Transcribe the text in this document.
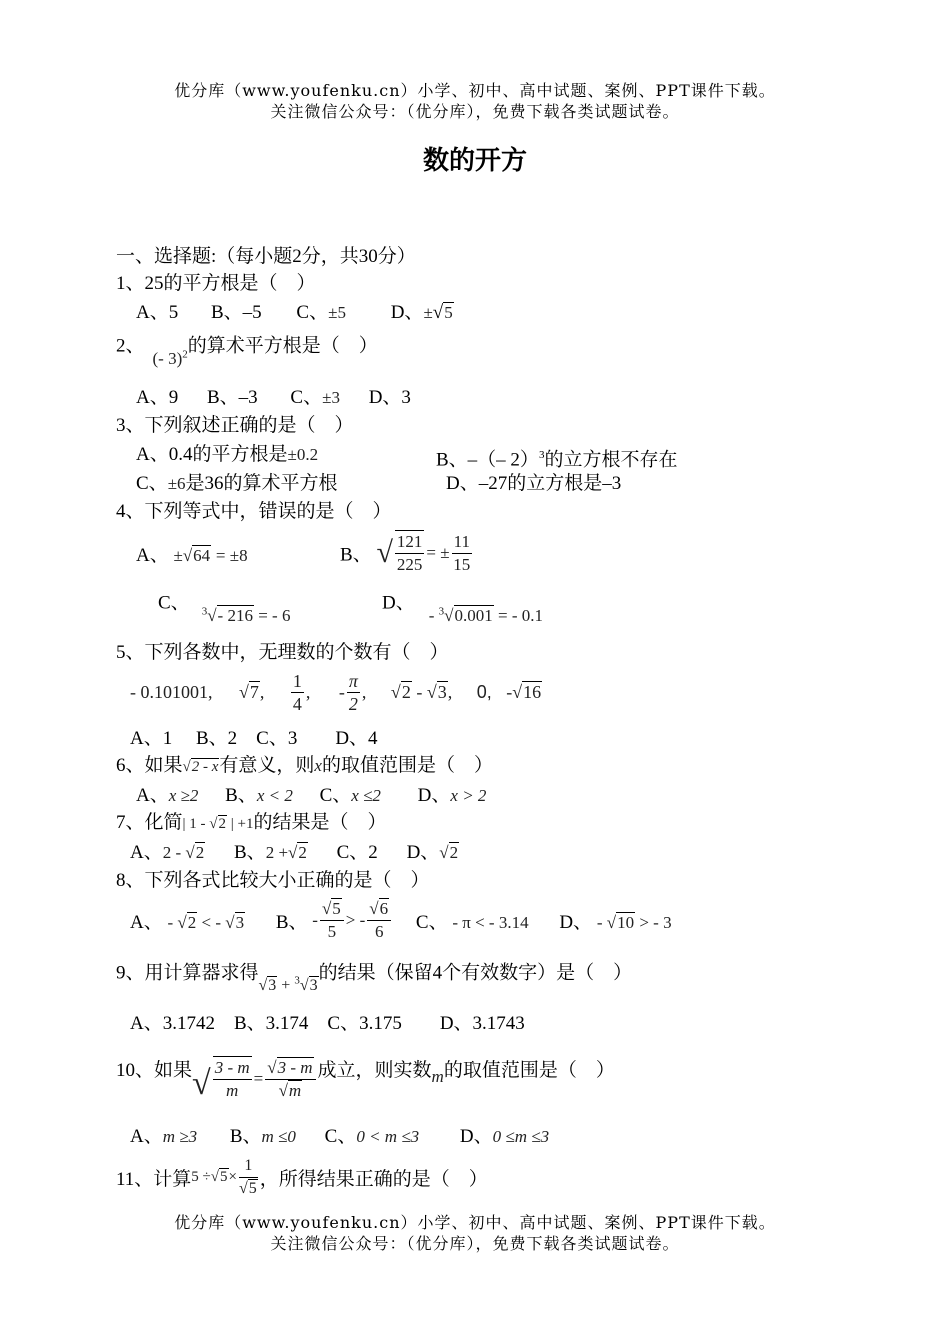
优分库（www.youfenku.cn）小学、初中、高中试题、案例、PPT课件下载。
关注微信公众号：（优分库），免费下载各类试题试卷。
数的开方
一、选择题:（每小题2分，共30分）
1、25的平方根是（　）
A、5 B、–5 C、±5 D、±√5
2、(- 3)$^2$的算术平方根是（　）
A、9 B、–3 C、±3 D、3
3、下列叙述正确的是（　）
A、0.4的平方根是±0.2	B、–（– 2）$^3$的立方根不存在
C、±6是36的算术平方根	D、–27的立方根是–3
4、下列等式中，错误的是（　）
A、 ±√64 = ±8	B、 √ $\frac{121}{225}$ = ± $\frac{11}{15}$
C、 $^3$√- 216 = - 6
D、- $^3$√0.001 = - 0.1
5、下列各数中，无理数的个数有（　）
- 0.101001, √7, $\frac{1}{4}$ , - $\frac{\pi}{2}$ , √2 - √3, 0, -√16
A、1　 B、2　C、3　　D、4
6、如果√2 - x有意义，则x的取值范围是（　）
A、x ≥2 B、x < 2 C、x ≤2 D、x > 2
7、化简| 1 - √2 | +1的结果是（　）
A、2 - √2 B、2 +√2 C、2 D、√2
8、下列各式比较大小正确的是（　）
A、 - √2 < - √3 B、 - $\frac{√5}{5}$ > - $\frac{√6}{6}$ C、 - π < - 3.14 D、 - √10 > - 3
9、用计算器求得$_{√3 + ^3√3}$的结果（保留4个有效数字）是（　）
A、3.1742　B、3.174　C、3.175　　D、3.1743
10、如果√ $\frac{3 - m}{m} = \frac{√3 - m}{√m}$ 成立，则实数m的取值范围是（　）
A、m ≥3 B、m ≤0 C、0 < m ≤3 D、0 ≤m ≤3
11、计算$5 \div√5\times \frac{1}{√5}$ ，所得结果正确的是（　）
优分库（www.youfenku.cn）小学、初中、高中试题、案例、PPT课件下载。
关注微信公众号：（优分库），免费下载各类试题试卷。
